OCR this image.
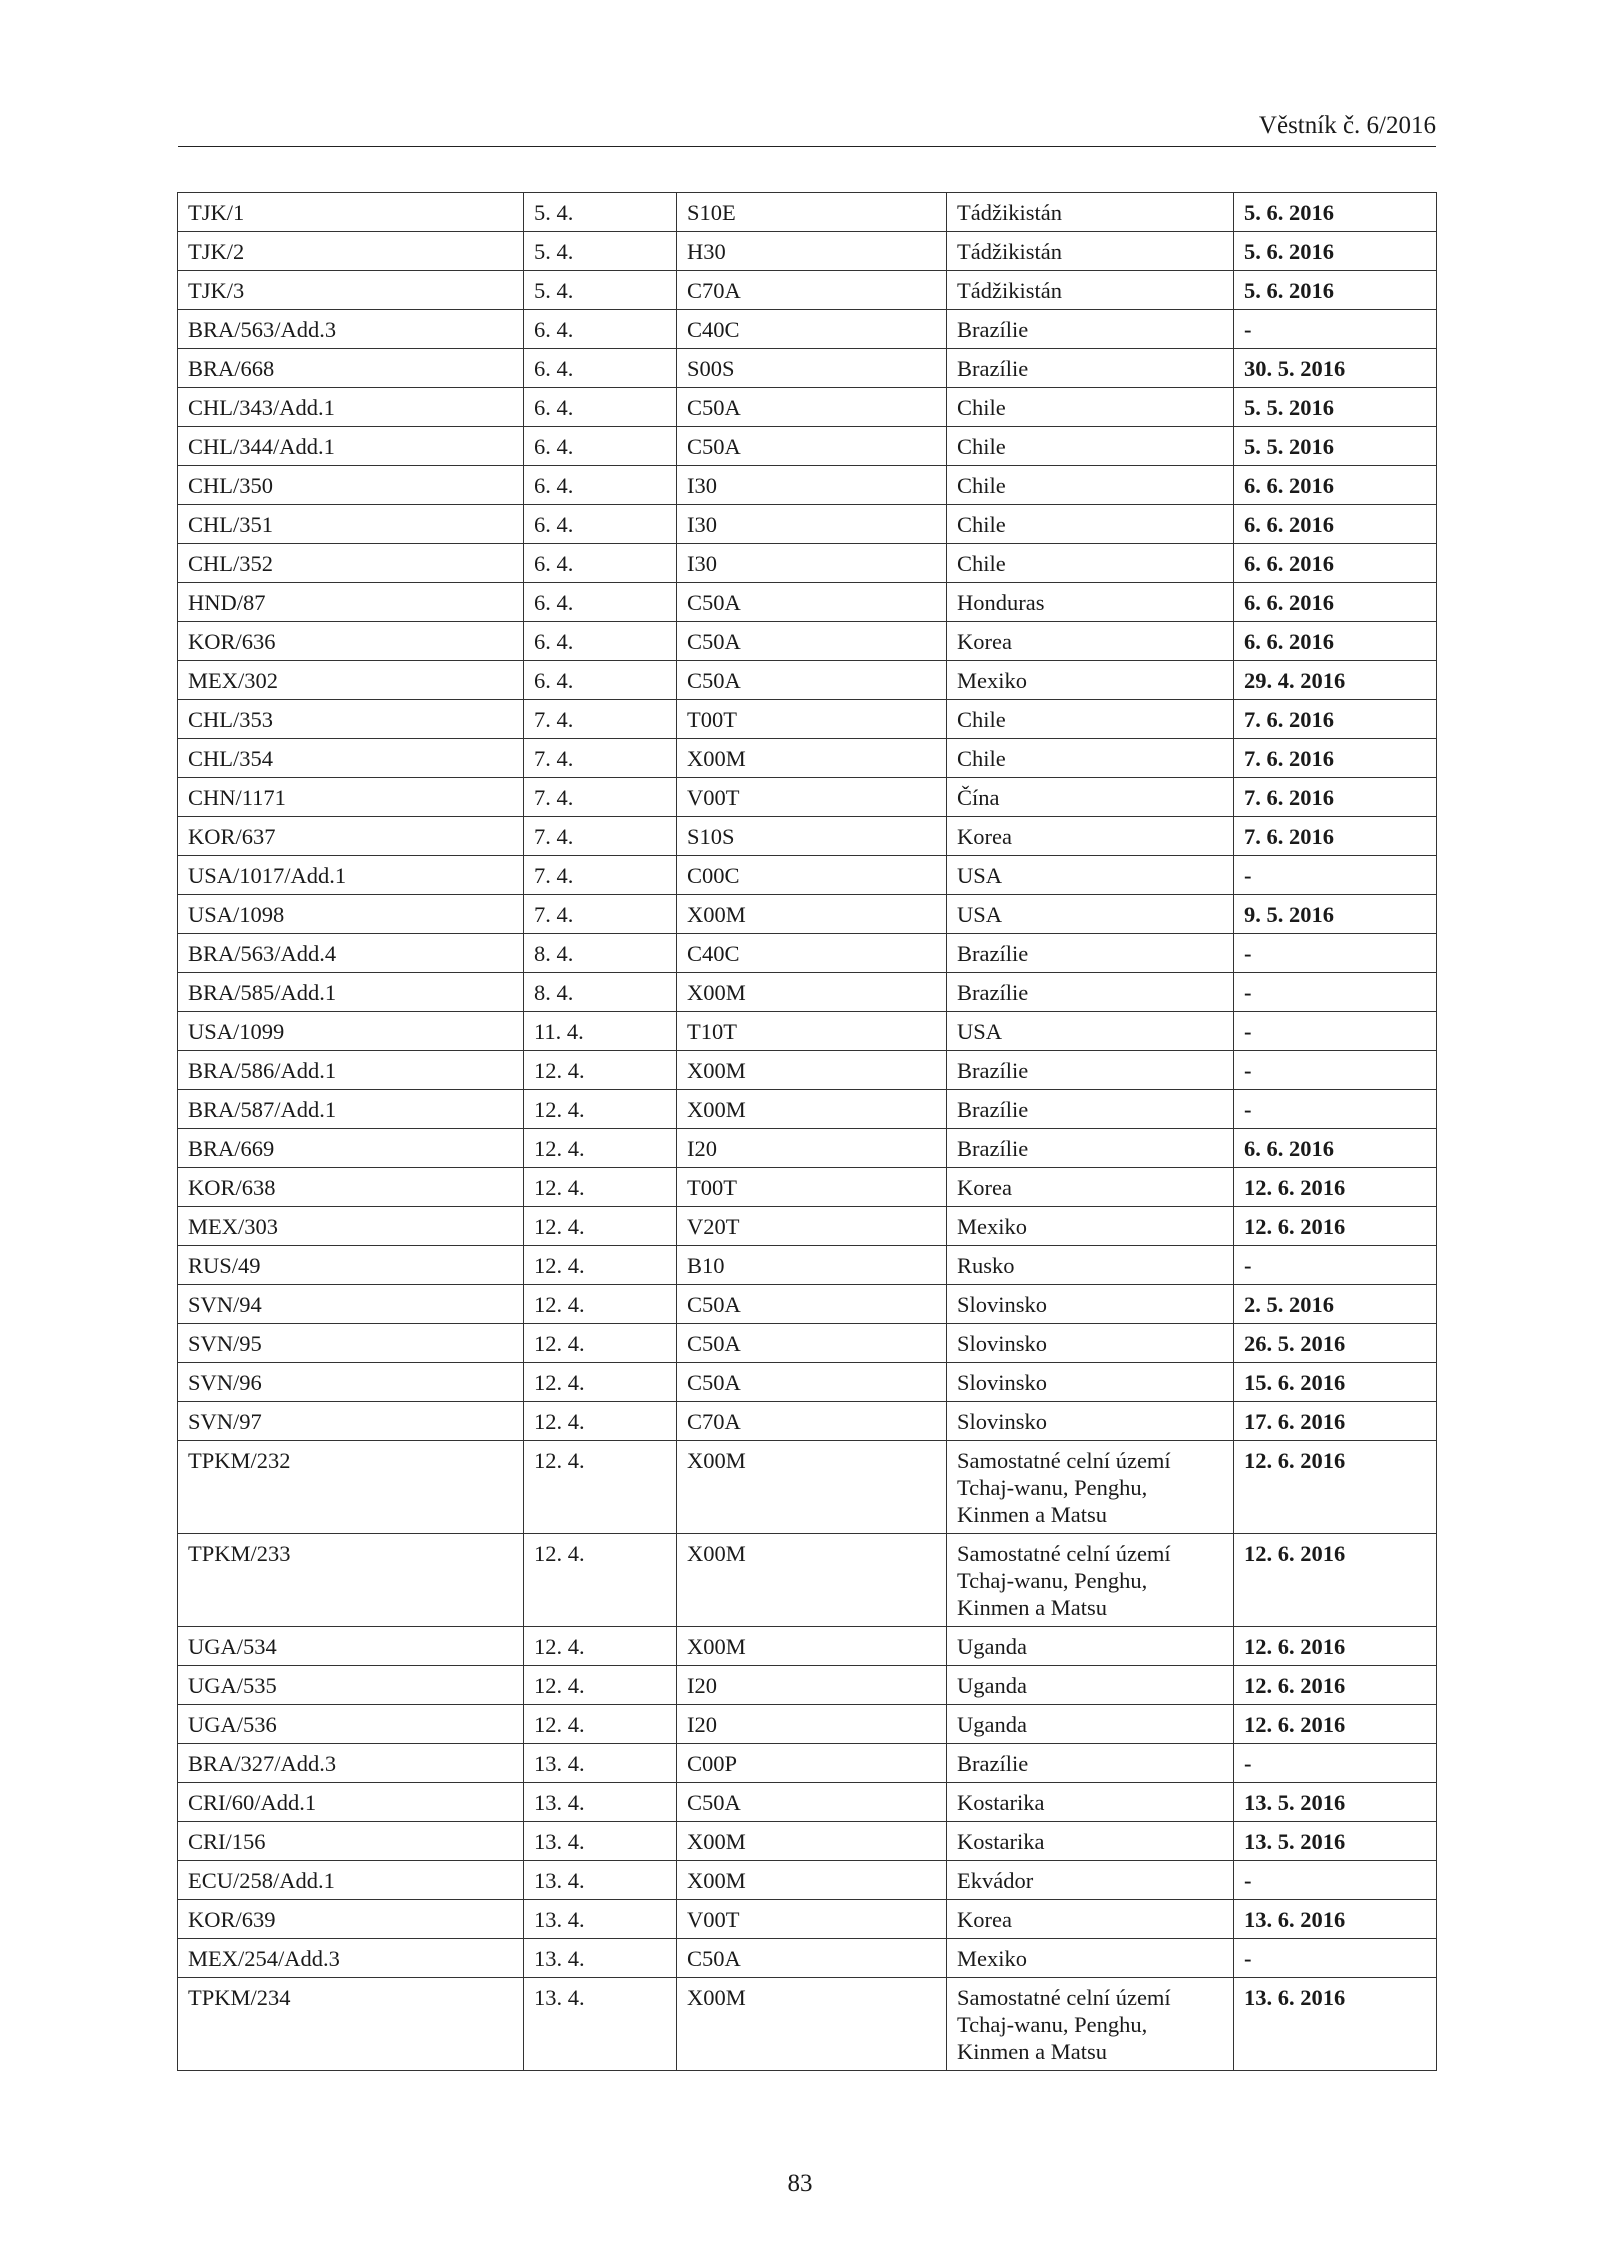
Věstník č. 6/2016
TJK/1	5. 4.	S10E	Tádžikistán	5. 6. 2016
TJK/2	5. 4.	H30	Tádžikistán	5. 6. 2016
TJK/3	5. 4.	C70A	Tádžikistán	5. 6. 2016
BRA/563/Add.3	6. 4.	C40C	Brazílie	-
BRA/668	6. 4.	S00S	Brazílie	30. 5. 2016
CHL/343/Add.1	6. 4.	C50A	Chile	5. 5. 2016
CHL/344/Add.1	6. 4.	C50A	Chile	5. 5. 2016
CHL/350	6. 4.	I30	Chile	6. 6. 2016
CHL/351	6. 4.	I30	Chile	6. 6. 2016
CHL/352	6. 4.	I30	Chile	6. 6. 2016
HND/87	6. 4.	C50A	Honduras	6. 6. 2016
KOR/636	6. 4.	C50A	Korea	6. 6. 2016
MEX/302	6. 4.	C50A	Mexiko	29. 4. 2016
CHL/353	7. 4.	T00T	Chile	7. 6. 2016
CHL/354	7. 4.	X00M	Chile	7. 6. 2016
CHN/1171	7. 4.	V00T	Čína	7. 6. 2016
KOR/637	7. 4.	S10S	Korea	7. 6. 2016
USA/1017/Add.1	7. 4.	C00C	USA	-
USA/1098	7. 4.	X00M	USA	9. 5. 2016
BRA/563/Add.4	8. 4.	C40C	Brazílie	-
BRA/585/Add.1	8. 4.	X00M	Brazílie	-
USA/1099	11. 4.	T10T	USA	-
BRA/586/Add.1	12. 4.	X00M	Brazílie	-
BRA/587/Add.1	12. 4.	X00M	Brazílie	-
BRA/669	12. 4.	I20	Brazílie	6. 6. 2016
KOR/638	12. 4.	T00T	Korea	12. 6. 2016
MEX/303	12. 4.	V20T	Mexiko	12. 6. 2016
RUS/49	12. 4.	B10	Rusko	-
SVN/94	12. 4.	C50A	Slovinsko	2. 5. 2016
SVN/95	12. 4.	C50A	Slovinsko	26. 5. 2016
SVN/96	12. 4.	C50A	Slovinsko	15. 6. 2016
SVN/97	12. 4.	C70A	Slovinsko	17. 6. 2016
TPKM/232	12. 4.	X00M	Samostatné celní území Tchaj-wanu, Penghu, Kinmen a Matsu	12. 6. 2016
TPKM/233	12. 4.	X00M	Samostatné celní území Tchaj-wanu, Penghu, Kinmen a Matsu	12. 6. 2016
UGA/534	12. 4.	X00M	Uganda	12. 6. 2016
UGA/535	12. 4.	I20	Uganda	12. 6. 2016
UGA/536	12. 4.	I20	Uganda	12. 6. 2016
BRA/327/Add.3	13. 4.	C00P	Brazílie	-
CRI/60/Add.1	13. 4.	C50A	Kostarika	13. 5. 2016
CRI/156	13. 4.	X00M	Kostarika	13. 5. 2016
ECU/258/Add.1	13. 4.	X00M	Ekvádor	-
KOR/639	13. 4.	V00T	Korea	13. 6. 2016
MEX/254/Add.3	13. 4.	C50A	Mexiko	-
TPKM/234	13. 4.	X00M	Samostatné celní území Tchaj-wanu, Penghu, Kinmen a Matsu	13. 6. 2016
83
